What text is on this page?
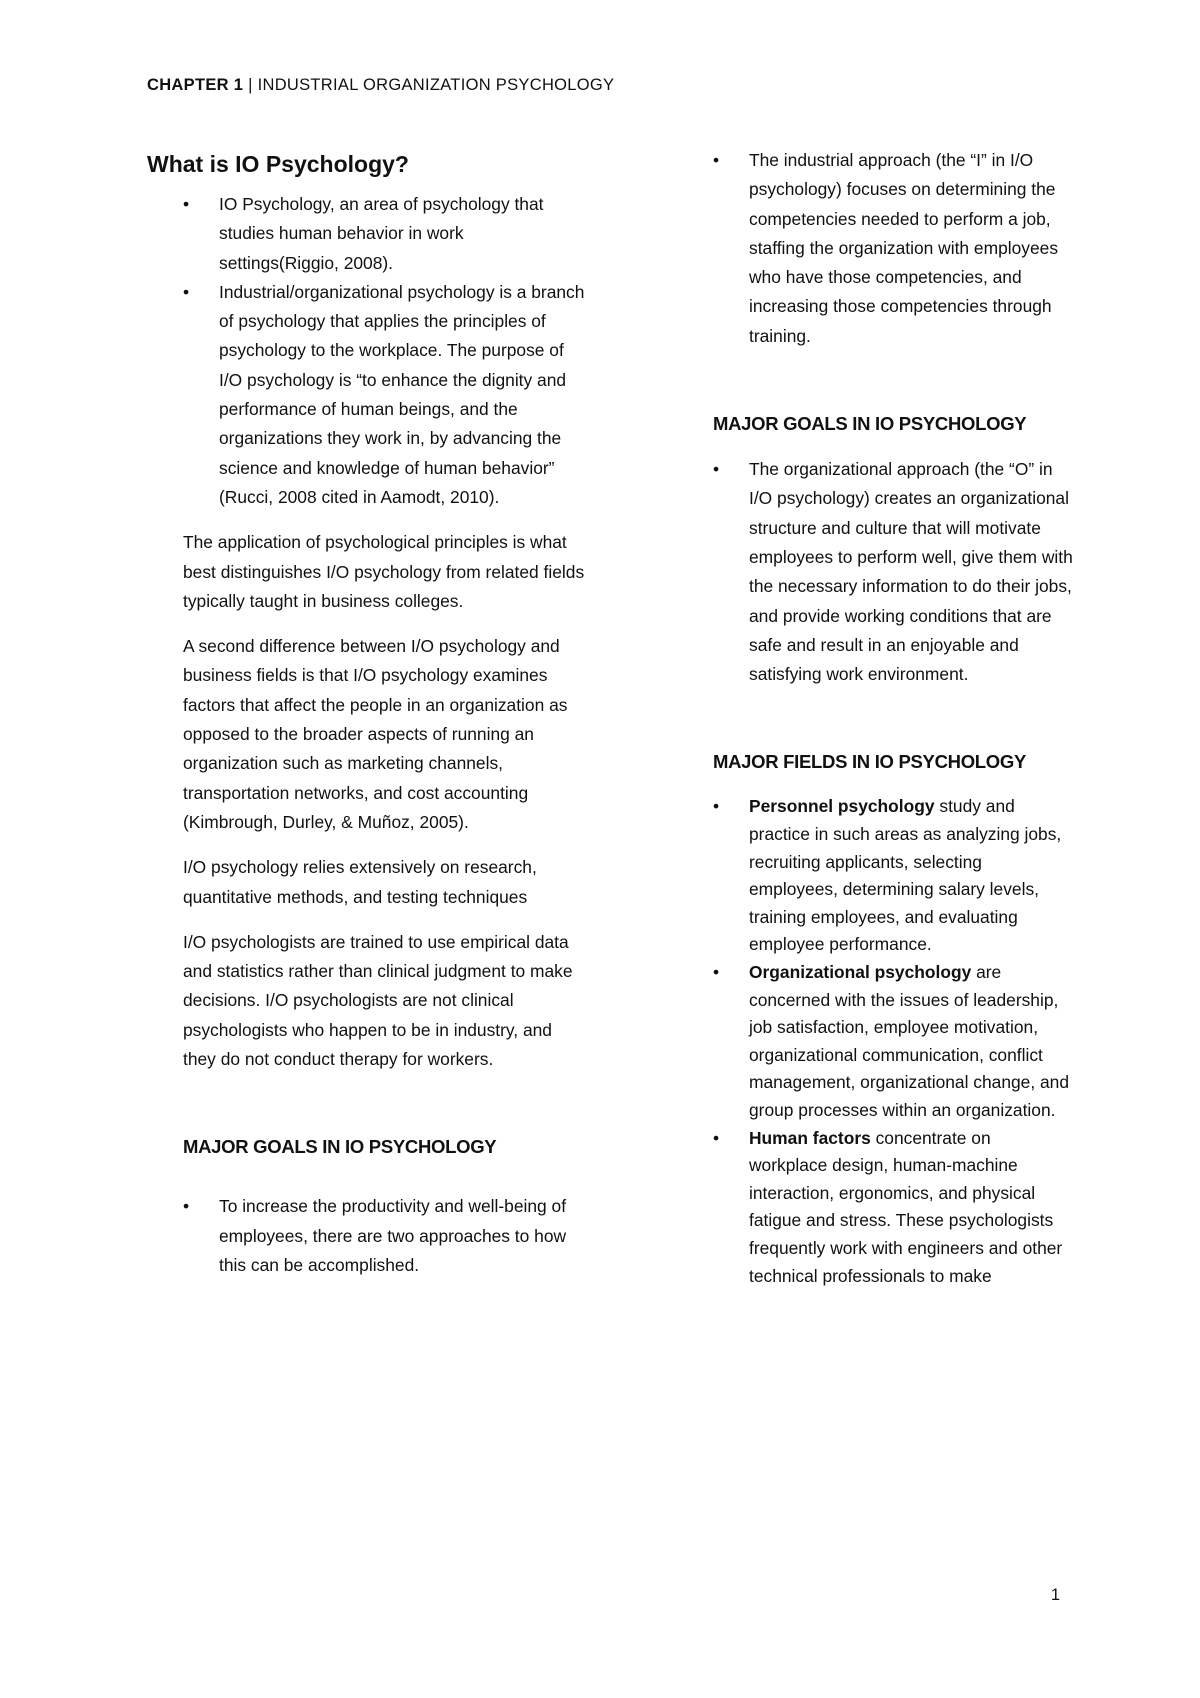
CHAPTER 1 | INDUSTRIAL ORGANIZATION PSYCHOLOGY
What is IO Psychology?
• IO Psychology, an area of psychology that studies human behavior in work settings(Riggio, 2008).
• Industrial/organizational psychology is a branch of psychology that applies the principles of psychology to the workplace. The purpose of I/O psychology is “to enhance the dignity and performance of human beings, and the organizations they work in, by advancing the science and knowledge of human behavior” (Rucci, 2008 cited in Aamodt, 2010).

The application of psychological principles is what best distinguishes I/O psychology from related fields typically taught in business colleges.

A second difference between I/O psychology and business fields is that I/O psychology examines factors that affect the people in an organization as opposed to the broader aspects of running an organization such as marketing channels, transportation networks, and cost accounting (Kimbrough, Durley, & Muñoz, 2005).

I/O psychology relies extensively on research, quantitative methods, and testing techniques

I/O psychologists are trained to use empirical data and statistics rather than clinical judgment to make decisions. I/O psychologists are not clinical psychologists who happen to be in industry, and they do not conduct therapy for workers.

MAJOR GOALS IN IO PSYCHOLOGY
• To increase the productivity and well-being of employees, there are two approaches to how this can be accomplished.
• The industrial approach (the “I” in I/O psychology) focuses on determining the competencies needed to perform a job, staffing the organization with employees who have those competencies, and increasing those competencies through training.
MAJOR GOALS IN IO PSYCHOLOGY
• The organizational approach (the “O” in I/O psychology) creates an organizational structure and culture that will motivate employees to perform well, give them with the necessary information to do their jobs, and provide working conditions that are safe and result in an enjoyable and satisfying work environment.
MAJOR FIELDS IN IO PSYCHOLOGY
• Personnel psychology study and practice in such areas as analyzing jobs, recruiting applicants, selecting employees, determining salary levels, training employees, and evaluating employee performance.
• Organizational psychology are concerned with the issues of leadership, job satisfaction, employee motivation, organizational communication, conflict management, organizational change, and group processes within an organization.
• Human factors concentrate on workplace design, human-machine interaction, ergonomics, and physical fatigue and stress. These psychologists frequently work with engineers and other technical professionals to make
1
